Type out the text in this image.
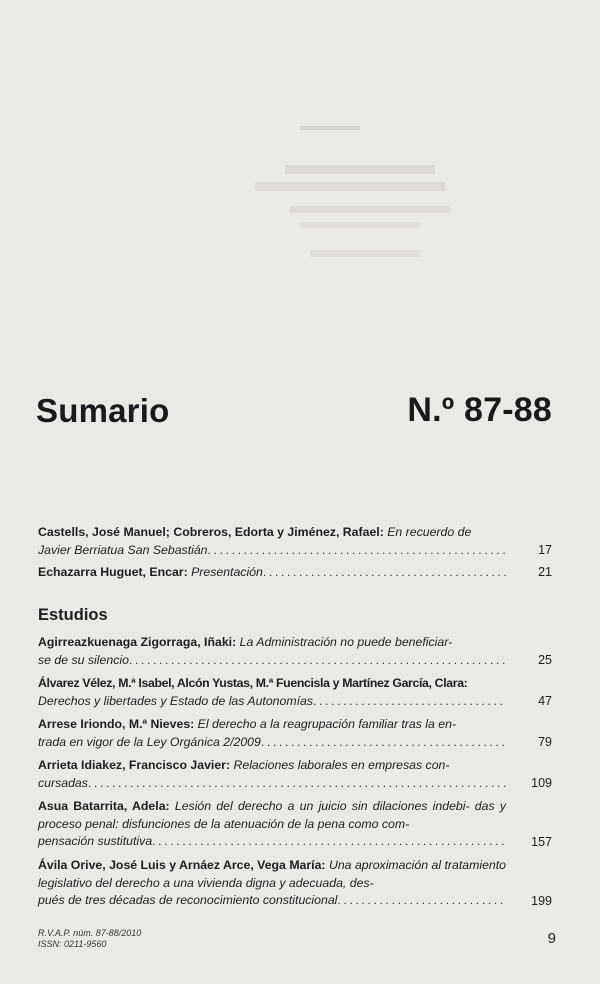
Sumario	N.º 87-88
Castells, José Manuel; Cobreros, Edorta y Jiménez, Rafael: En recuerdo de
Javier Berriatua San Sebastián .....	17
Echazarra Huguet, Encar: Presentación .....	21
Estudios
Agirreazkuenaga Zigorraga, Iñaki: La Administración no puede beneficiar-
se de su silencio .....	25
Álvarez Vélez, M.ª Isabel, Alcón Yustas, M.ª Fuencisla y Martínez García, Clara:
Derechos y libertades y Estado de las Autonomías .....	47
Arrese Iriondo, M.ª Nieves: El derecho a la reagrupación familiar tras la en-
trada en vigor de la Ley Orgánica 2/2009 .....	79
Arrieta Idiakez, Francisco Javier: Relaciones laborales en empresas con-
cursadas .....	109
Asua Batarrita, Adela: Lesión del derecho a un juicio sin dilaciones indebi- das y proceso penal: disfunciones de la atenuación de la pena como com-
pensación sustitutiva .....	157
Ávila Orive, José Luis y Arnáez Arce, Vega María: Una aproximación al tratamiento legislativo del derecho a una vivienda digna y adecuada, des-
pués de tres décadas de reconocimiento constitucional .....	199
R.V.A.P. núm. 87-88/2010
ISSN: 0211-9560	9
